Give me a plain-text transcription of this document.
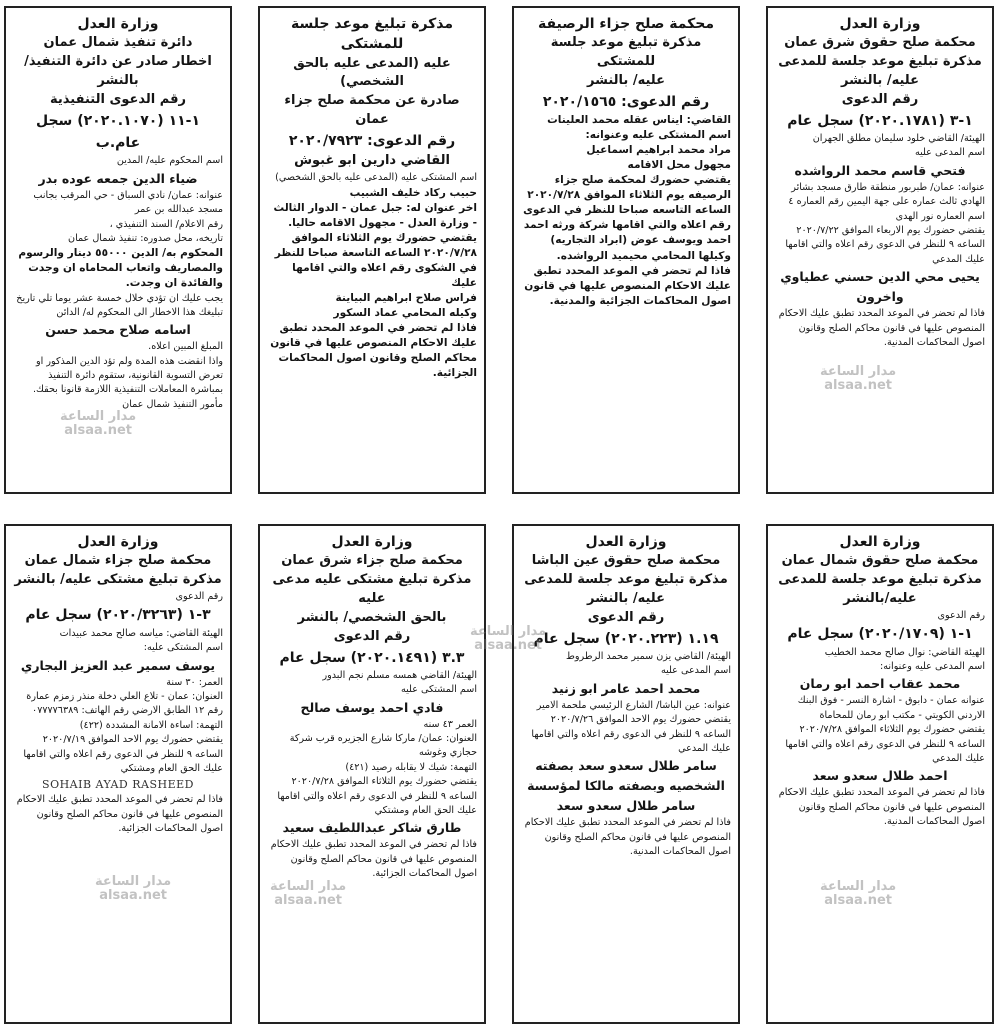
وزارة العدل
محكمة صلح حقوق شرق عمان
مذكرة تبليغ موعد جلسة للمدعى
عليه/ بالنشر
رقم الدعوى
١-٣ (٢٠٢٠.١٧٨١) سجل عام
الهيئة/ القاضي خلود سليمان مطلق الجهران
اسم المدعى عليه
فتحي قاسم محمد الرواشده
عنوانه: عمان/ طبربور منطقة طارق مسجد بشائر الهادي ثالث عماره على جهة اليمين رقم العماره ٤ اسم العماره نور الهدى
يقتضي حضورك يوم الاربعاء الموافق ٢٠٢٠/٧/٢٢ الساعه ٩ للنظر في الدعوى رقم اعلاه والتي اقامها عليك المدعي
يحيى محي الدين حسني عطياوي واخرون
فاذا لم تحضر في الموعد المحدد تطبق عليك الاحكام المنصوص عليها في قانون محاكم الصلح وقانون اصول المحاكمات المدنية.
محكمة صلح جزاء الرصيفة
مذكرة تبليغ موعد جلسة للمشتكى
عليه/ بالنشر
رقم الدعوى: ٢٠٢٠/١٥٦٥
القاضي: ايناس عقله محمد العلينات
اسم المشتكى عليه وعنوانه:
مراد محمد ابراهيم اسماعيل
مجهول محل الاقامه
يقتضي حضورك لمحكمة صلح جزاء الرصيفه يوم الثلاثاء الموافق ٢٠٢٠/٧/٢٨ الساعه التاسعه صباحا للنظر في الدعوى رقم اعلاه والتي اقامها شركة ورثه احمد احمد ويوسف عوض (ابراد التجاريه) وكيلها المحامي محيميد الرواشده.
فاذا لم تحضر في الموعد المحدد تطبق عليك الاحكام المنصوص عليها في قانون اصول المحاكمات الجزائية والمدنية.
مذكرة تبليغ موعد جلسة للمشتكى
عليه (المدعى عليه بالحق الشخصي)
صادرة عن محكمة صلح جزاء عمان
رقم الدعوى: ٢٠٢٠/٧٩٢٣
القاضي دارين ابو غبوش
اسم المشتكى عليه (المدعى عليه بالحق الشخصي)
حبيب ركاد خليف الشبيب
اخر عنوان له: جبل عمان - الدوار الثالث - وزارة العدل - مجهول الاقامه حاليا.
يقتضي حضورك يوم الثلاثاء الموافق ٢٠٢٠/٧/٢٨ الساعه التاسعة صباحا للنظر في الشكوى رقم اعلاه والتي اقامها عليك
فراس صلاح ابراهيم البياينة
وكيله المحامي عماد السكور
فاذا لم تحضر في الموعد المحدد تطبق عليك الاحكام المنصوص عليها في قانون محاكم الصلح وقانون اصول المحاكمات الجزائية.
وزارة العدل
دائرة تنفيذ شمال عمان
اخطار صادر عن دائرة التنفيذ/ بالنشر
رقم الدعوى التنفيذية
١-١١ (٢٠٢٠.١٠٧٠) سجل عام.ب
اسم المحكوم عليه/ المدين
ضياء الدين جمعه عوده بدر
عنوانه: عمان/ نادي السباق - حي المرقب بجانب مسجد عبدالله بن عمر
رقم الاعلام/ السند التنفيذي ،
تاريخه، محل صدوره: تنفيذ شمال عمان
المحكوم به/ الدين ٥٥٠٠٠ دينار والرسوم والمصاريف واتعاب المحاماه ان وجدت والفائدة ان وجدت.
يجب عليك ان تؤدي خلال خمسة عشر يوما تلي تاريخ تبليغك هذا الاخطار الى المحكوم له/ الدائن
اسامه صلاح محمد حسن
المبلغ المبين اعلاه.
واذا انقضت هذه المدة ولم تؤد الدين المذكور او تعرض التسوية القانونية، ستقوم دائرة التنفيذ بمباشرة المعاملات التنفيذية اللازمة قانونا بحقك.
مأمور التنفيذ شمال عمان
وزارة العدل
محكمة صلح حقوق شمال عمان
مذكرة تبليغ موعد جلسة للمدعى
عليه/بالنشر
رقم الدعوى
١-١ (٢٠٢٠/١٧٠٩) سجل عام
الهيئة القاضي: نوال صالح محمد الخطيب
اسم المدعى عليه وعنوانه:
محمد عقاب احمد ابو رمان
عنوانه عمان - دابوق - اشارة النسر - فوق البنك الاردني الكويتي - مكتب ابو رمان للمحاماة
يقتضي حضورك يوم الثلاثاء الموافق ٢٠٢٠/٧/٢٨ الساعه ٩ للنظر في الدعوى رقم اعلاه والتي اقامها عليك المدعي
احمد طلال سعدو سعد
فاذا لم تحضر في الموعد المحدد تطبق عليك الاحكام المنصوص عليها في قانون محاكم الصلح وقانون اصول المحاكمات المدنية.
وزارة العدل
محكمة صلح حقوق عين الباشا
مذكرة تبليغ موعد جلسة للمدعى عليه/ بالنشر
رقم الدعوى
١.١٩ (٢٠٢٠.٢٢٣) سجل عام
الهيئة/ القاضي يزن سمير محمد الرطروط
اسم المدعى عليه
محمد احمد عامر ابو زنيد
عنوانه: عين الباشا/ الشارع الرئيسي ملحمة الامير
يقتضي حضورك يوم الاحد الموافق ٢٠٢٠/٧/٢٦ الساعه ٩ للنظر في الدعوى رقم اعلاه والتي اقامها عليك المدعي
سامر طلال سعدو سعد بصفته الشخصيه وبصفته مالكا لمؤسسة سامر طلال سعدو سعد
فاذا لم تحضر في الموعد المحدد تطبق عليك الاحكام المنصوص عليها في قانون محاكم الصلح وقانون اصول المحاكمات المدنية.
وزارة العدل
محكمة صلح جزاء شرق عمان
مذكرة تبليغ مشتكى عليه مدعى عليه
بالحق الشخصي/ بالنشر
رقم الدعوى
٣.٣ (٢٠٢٠.١٤٩١) سجل عام
الهيئة/ القاضي همسه مسلم نجم البدور
اسم المشتكى عليه
فادي احمد يوسف صالح
العمر ٤٣ سنه
العنوان: عمان/ ماركا شارع الجزيره قرب شركة حجازي وغوشه
التهمة: شيك لا يقابله رصيد (٤٢١)
يقتضي حضورك يوم الثلاثاء الموافق ٢٠٢٠/٧/٢٨ الساعه ٩ للنظر في الدعوى رقم اعلاه والتي اقامها عليك الحق العام ومشتكي
طارق شاكر عبداللطيف سعيد
فاذا لم تحضر في الموعد المحدد تطبق عليك الاحكام المنصوص عليها في قانون محاكم الصلح وقانون اصول المحاكمات الجزائية.
وزارة العدل
محكمة صلح جزاء شمال عمان
مذكرة تبليغ مشتكى عليه/ بالنشر
رقم الدعوى
٣-١ (٢٠٢٠/٣٢٦٣) سجل عام
الهيئة القاضي: مياسه صالح محمد عبيدات
اسم المشتكى عليه:
يوسف سمير عبد العزيز البجاري
العمر: ٣٠ سنة
العنوان: عمان - تلاع العلي دخلة منذر زمزم عمارة رقم ١٢ الطابق الارضي رقم الهاتف: ٠٧٧٧٧٦٣٨٩
التهمة: اساءة الامانة المشددة (٤٢٢)
يقتضي حضورك يوم الاحد الموافق ٢٠٢٠/٧/١٩ الساعه ٩ للنظر في الدعوى رقم اعلاه والتي اقامها عليك الحق العام ومشتكي
SOHAIB AYAD RASHEED
فاذا لم تحضر في الموعد المحدد تطبق عليك الاحكام المنصوص عليها في قانون محاكم الصلح وقانون اصول المحاكمات الجزائية.
مدار الساعة
alsaa.net
مدار الساعة
alsaa.net
مدار الساعة
alsaa.net
مدار الساعة
alsaa.net
مدار الساعة
alsaa.net
مدار الساعة
alsaa.net
